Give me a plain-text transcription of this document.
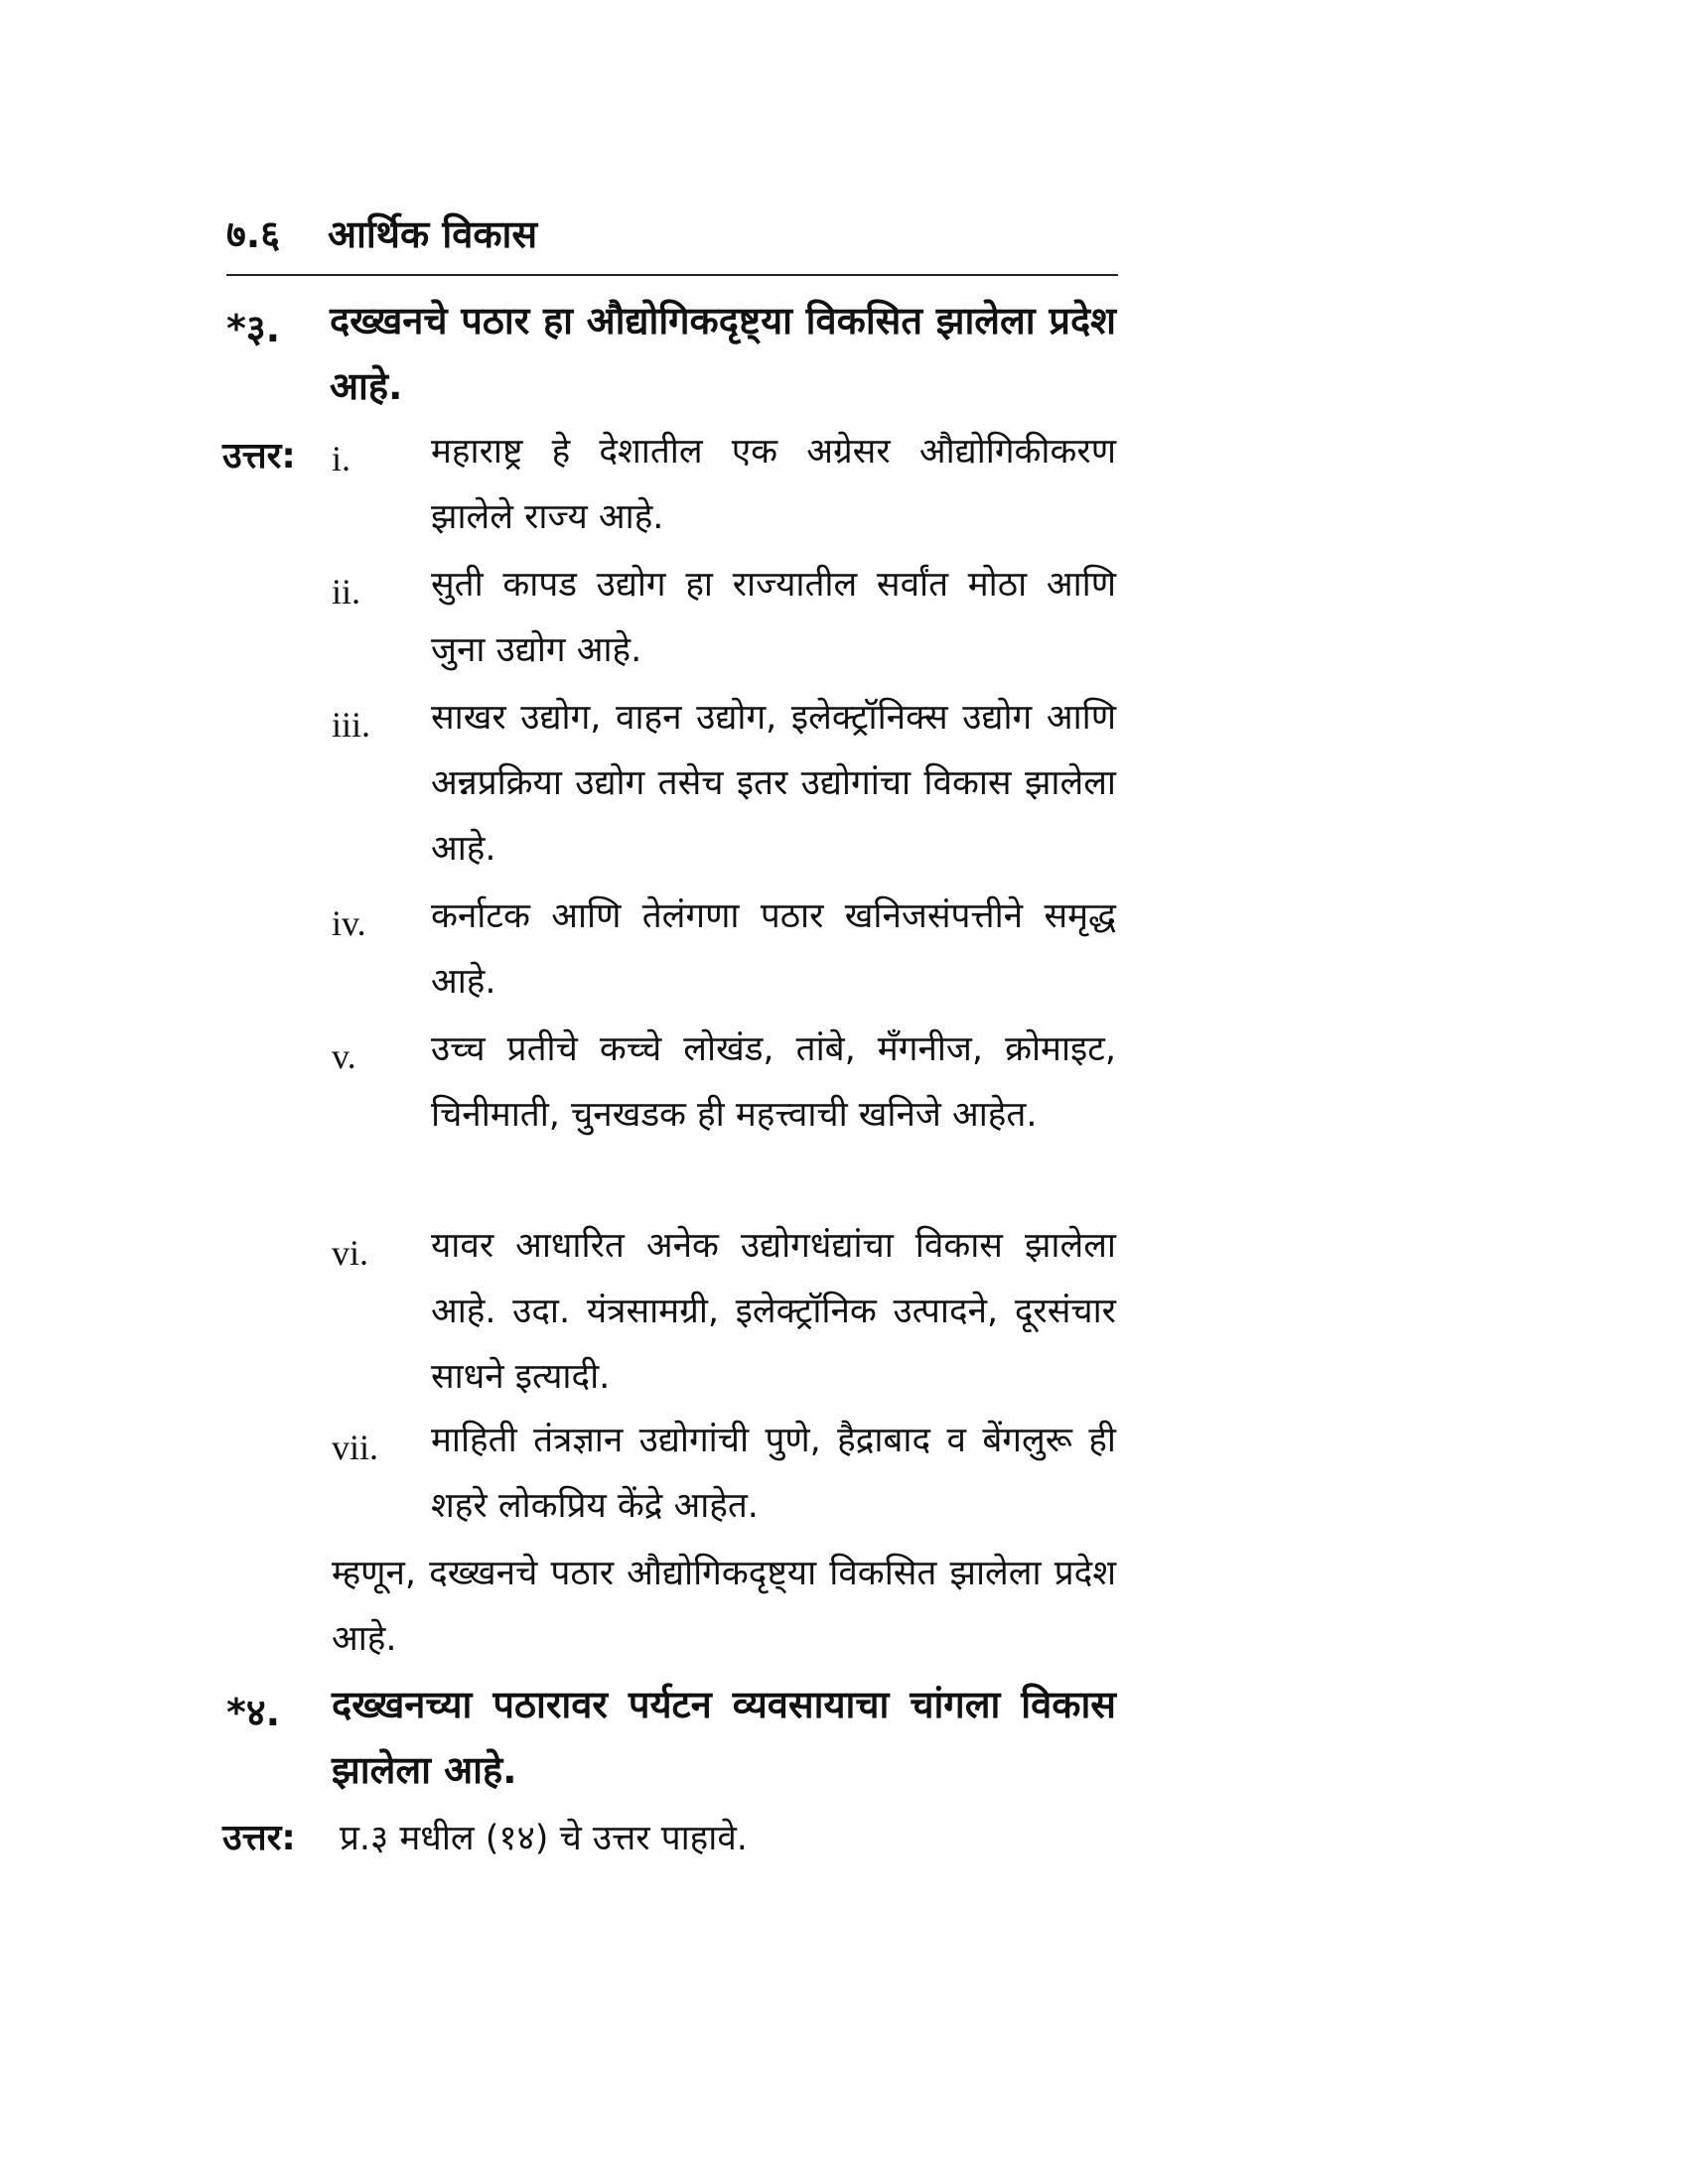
७.६ आर्थिक विकास
*३. दख्खनचे पठार हा औद्योगिकदृष्ट्या विकसित झालेला प्रदेश आहे.
उत्तर: i. महाराष्ट्र हे देशातील एक अग्रेसर औद्योगिकीकरण झालेले राज्य आहे.
ii. सुती कापड उद्योग हा राज्यातील सर्वांत मोठा आणि जुना उद्योग आहे.
iii. साखर उद्योग, वाहन उद्योग, इलेक्ट्रॉनिक्स उद्योग आणि अन्नप्रक्रिया उद्योग तसेच इतर उद्योगांचा विकास झालेला आहे.
iv. कर्नाटक आणि तेलंगणा पठार खनिजसंपत्तीने समृद्ध आहे.
v. उच्च प्रतीचे कच्चे लोखंड, तांबे, मँगनीज, क्रोमाइट, चिनीमाती, चुनखडक ही महत्त्वाची खनिजे आहेत.
vi. यावर आधारित अनेक उद्योगधंद्यांचा विकास झालेला आहे. उदा. यंत्रसामग्री, इलेक्ट्रॉनिक उत्पादने, दूरसंचार साधने इत्यादी.
vii. माहिती तंत्रज्ञान उद्योगांची पुणे, हैद्राबाद व बेंगलुरू ही शहरे लोकप्रिय केंद्रे आहेत.
म्हणून, दख्खनचे पठार औद्योगिकदृष्ट्या विकसित झालेला प्रदेश आहे.
*४. दख्खनच्या पठारावर पर्यटन व्यवसायाचा चांगला विकास झालेला आहे.
उत्तर: प्र.३ मधील (१४) चे उत्तर पाहावे.
